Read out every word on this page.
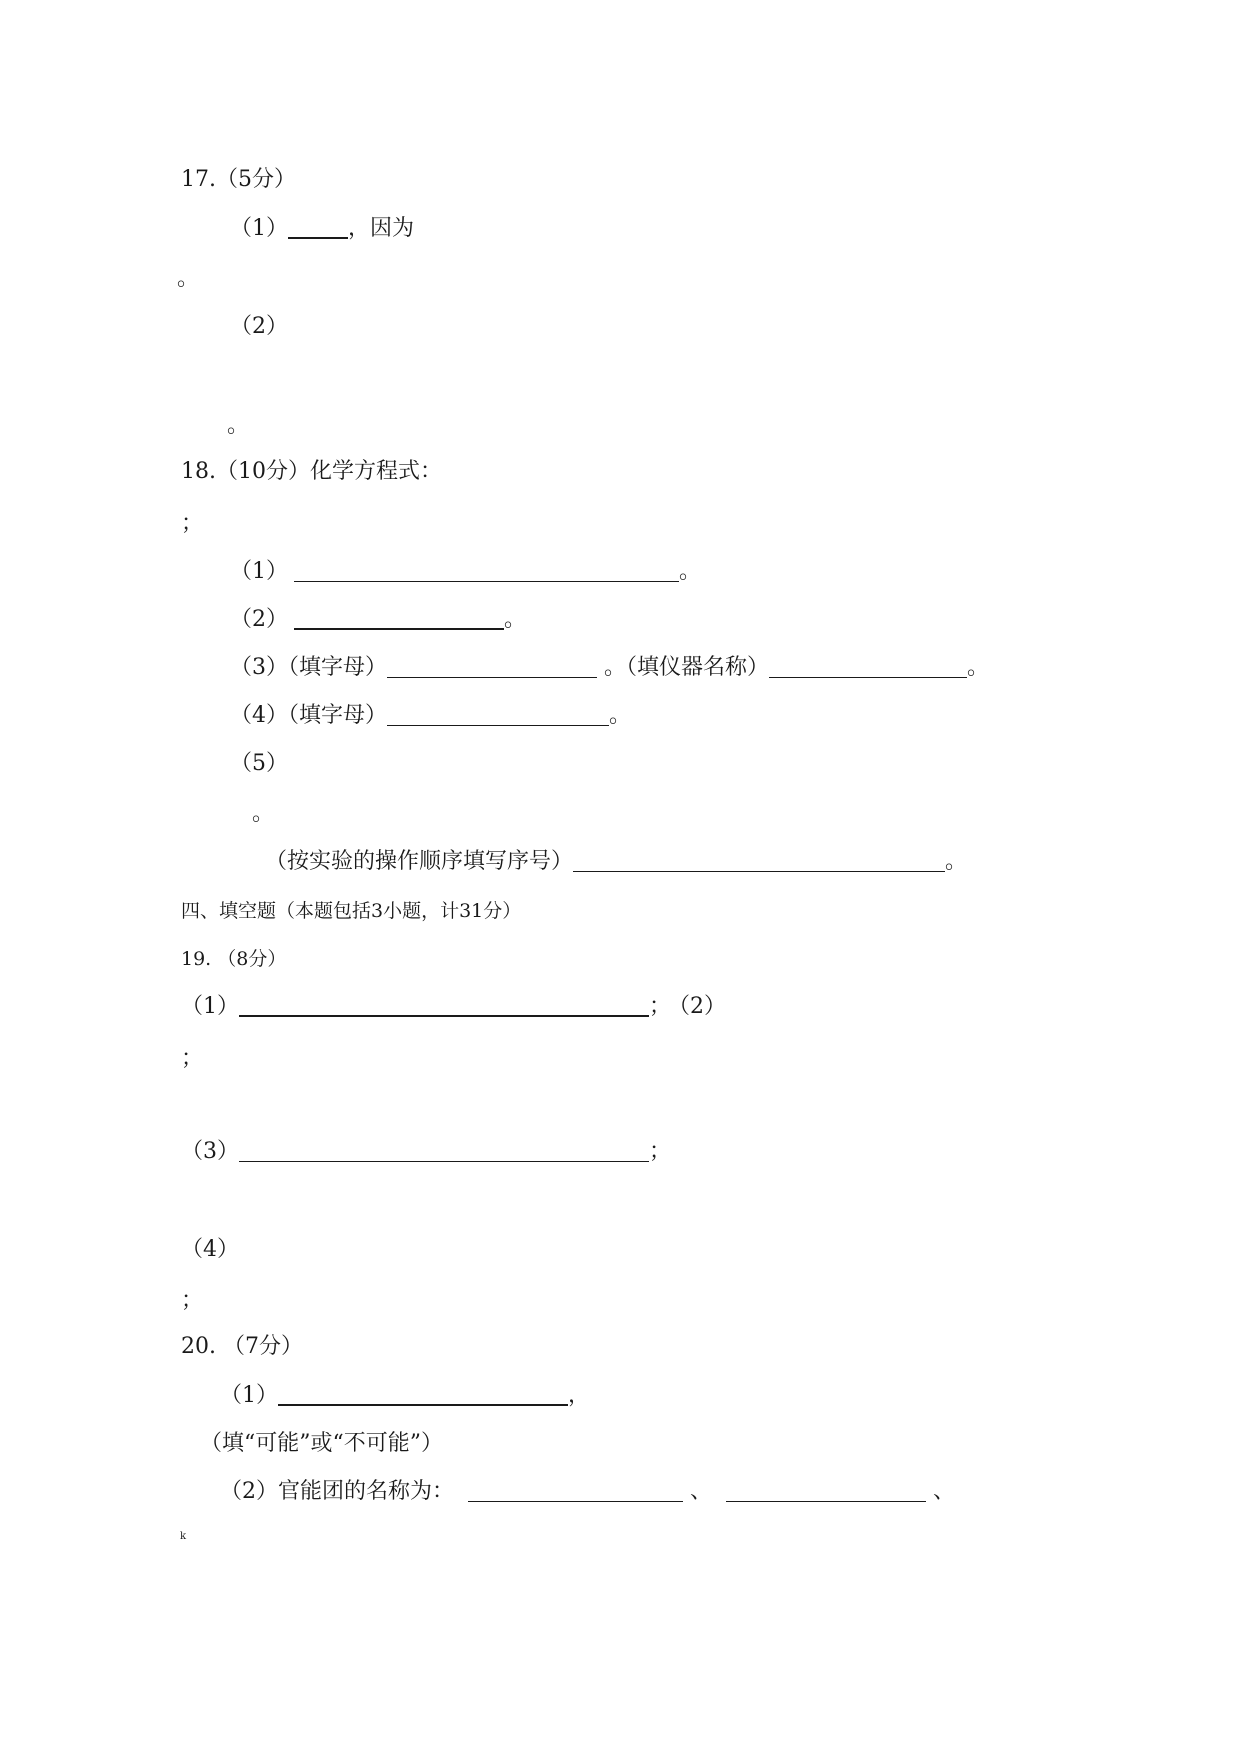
17.（5分）
（1）	，因为
。
（2）
。
18.（10分）化学方程式：
；
（1）	。
（2）	。
（3）（填字母）	。（填仪器名称）	。
（4）（填字母）	。
（5）
。
（按实验的操作顺序填写序号）	。
四、填空题（本题包括3小题，计31分）
19. （8分）
（1）	； （2）
；
（3）	；
（4）
；
20. （7分）
（1）	，
（填“可能”或“不可能”）
（2）官能团的名称为：	、	、
k
